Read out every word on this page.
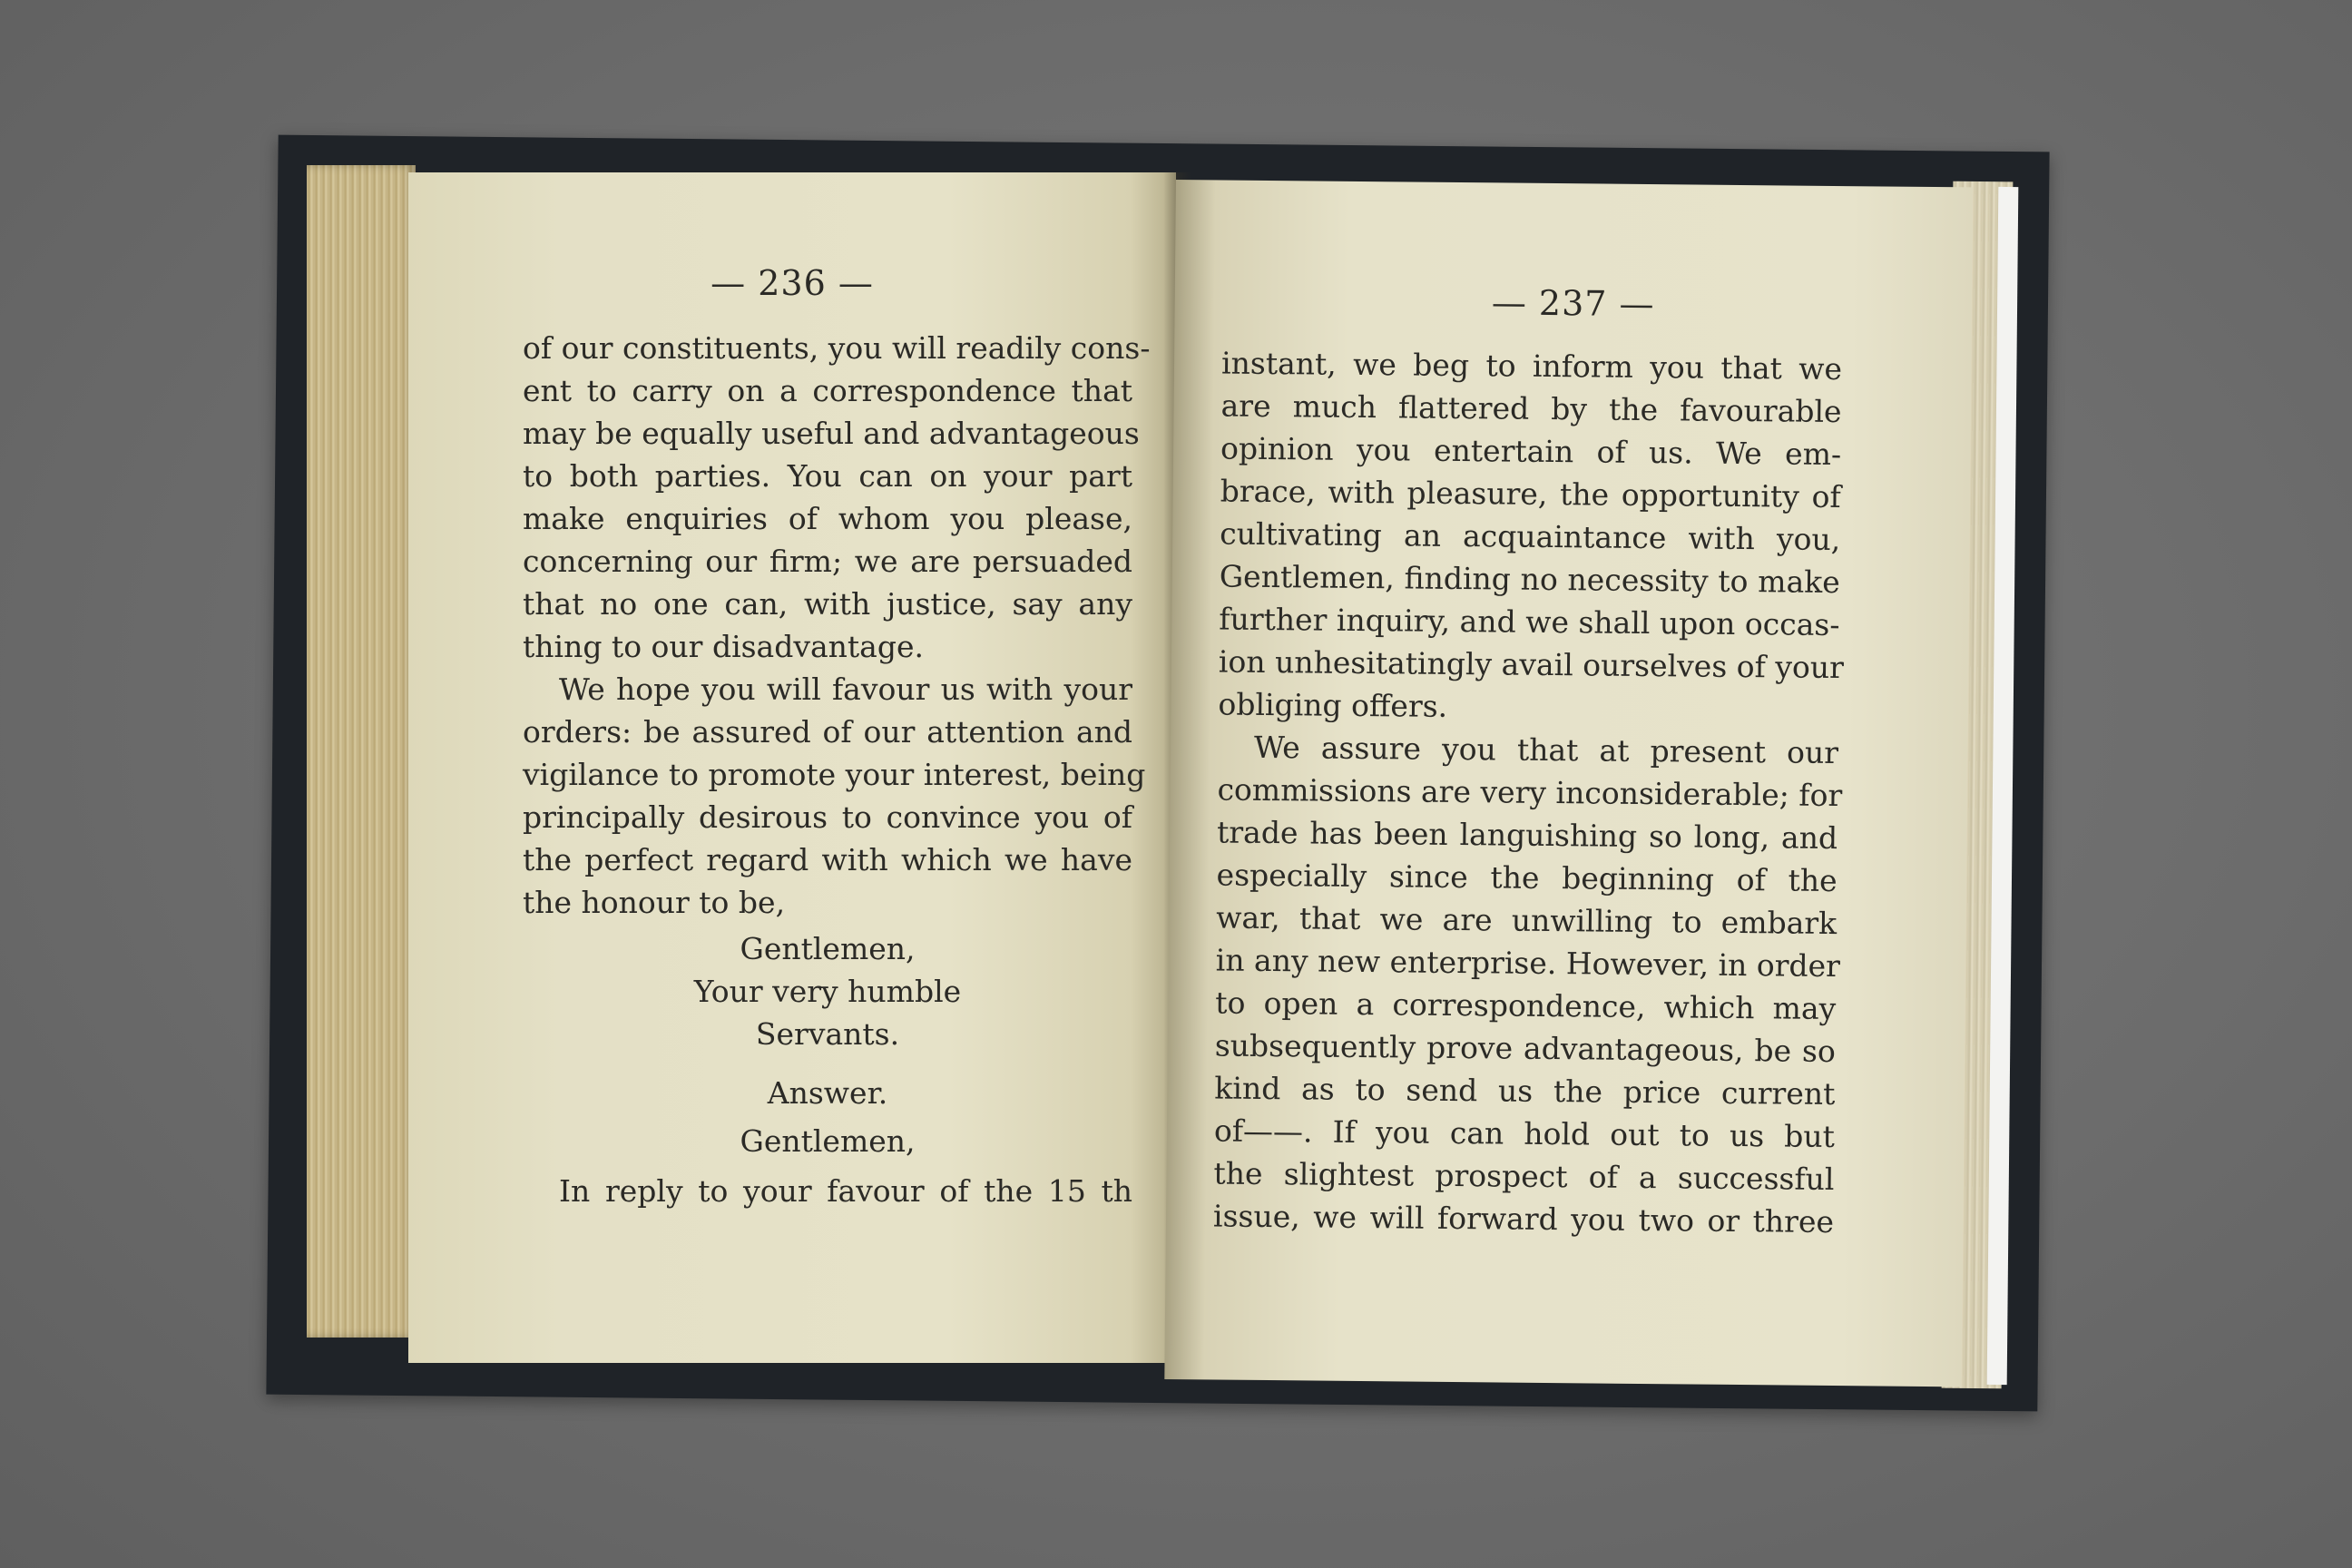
— 236 —
of our constituents, you will readily cons-
ent to carry on a correspondence that
may be equally useful and advantageous
to both parties. You can on your part
make enquiries of whom you please,
concerning our firm; we are persuaded
that no one can, with justice, say any
thing to our disadvantage.
We hope you will favour us with your
orders: be assured of our attention and
vigilance to promote your interest, being
principally desirous to convince you of
the perfect regard with which we have
the honour to be,
Gentlemen,
Your very humble
Servants.
Answer.
Gentlemen,
In reply to your favour of the 15 th
— 237 —
instant, we beg to inform you that we
are much flattered by the favourable
opinion you entertain of us. We em-
brace, with pleasure, the opportunity of
cultivating an acquaintance with you,
Gentlemen, finding no necessity to make
further inquiry, and we shall upon occas-
ion unhesitatingly avail ourselves of your
obliging offers.
We assure you that at present our
commissions are very inconsiderable; for
trade has been languishing so long, and
especially since the beginning of the
war, that we are unwilling to embark
in any new enterprise. However, in order
to open a correspondence, which may
subsequently prove advantageous, be so
kind as to send us the price current
of——. If you can hold out to us but
the slightest prospect of a successful
issue, we will forward you two or three
